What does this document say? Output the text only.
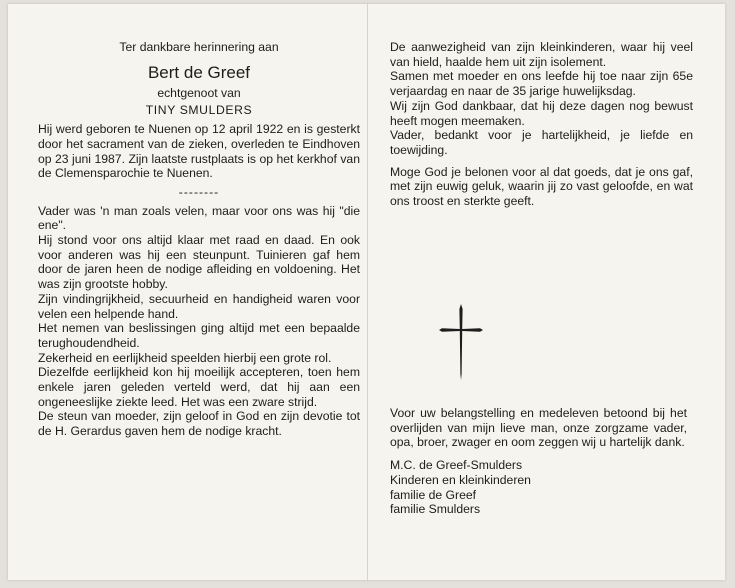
Ter dankbare herinnering aan

Bert de Greef

echtgenoot van

TINY SMULDERS

Hij werd geboren te Nuenen op 12 april 1922 en is gesterkt door het sacrament van de zieken, overleden te Eindhoven op 23 juni 1987. Zijn laatste rustplaats is op het kerkhof van de Clemensparochie te Nuenen.

--------

Vader was 'n man zoals velen, maar voor ons was hij "die ene".

Hij stond voor ons altijd klaar met raad en daad. En ook voor anderen was hij een steunpunt. Tuinieren gaf hem door de jaren heen de nodige afleiding en voldoening. Het was zijn grootste hobby.

Zijn vindingrijkheid, secuurheid en handigheid waren voor velen een helpende hand.

Het nemen van beslissingen ging altijd met een bepaalde terughoudendheid.

Zekerheid en eerlijkheid speelden hierbij een grote rol.

Diezelfde eerlijkheid kon hij moeilijk accepteren, toen hem enkele jaren geleden verteld werd, dat hij aan een ongeneeslijke ziekte leed. Het was een zware strijd.

De steun van moeder, zijn geloof in God en zijn devotie tot de H. Gerardus gaven hem de nodige kracht.

De aanwezigheid van zijn kleinkinderen, waar hij veel van hield, haalde hem uit zijn isolement.

Samen met moeder en ons leefde hij toe naar zijn 65e verjaardag en naar de 35 jarige huwelijksdag.

Wij zijn God dankbaar, dat hij deze dagen nog bewust heeft mogen meemaken.

Vader, bedankt voor je hartelijkheid, je liefde en toewijding.

Moge God je belonen voor al dat goeds, dat je ons gaf, met zijn euwig geluk, waarin jij zo vast geloofde, en wat ons troost en sterkte geeft.

Voor uw belangstelling en medeleven betoond bij het overlijden van mijn lieve man, onze zorgzame vader, opa, broer, zwager en oom zeggen wij u hartelijk dank.

M.C. de Greef-Smulders

Kinderen en kleinkinderen

familie de Greef

familie Smulders
